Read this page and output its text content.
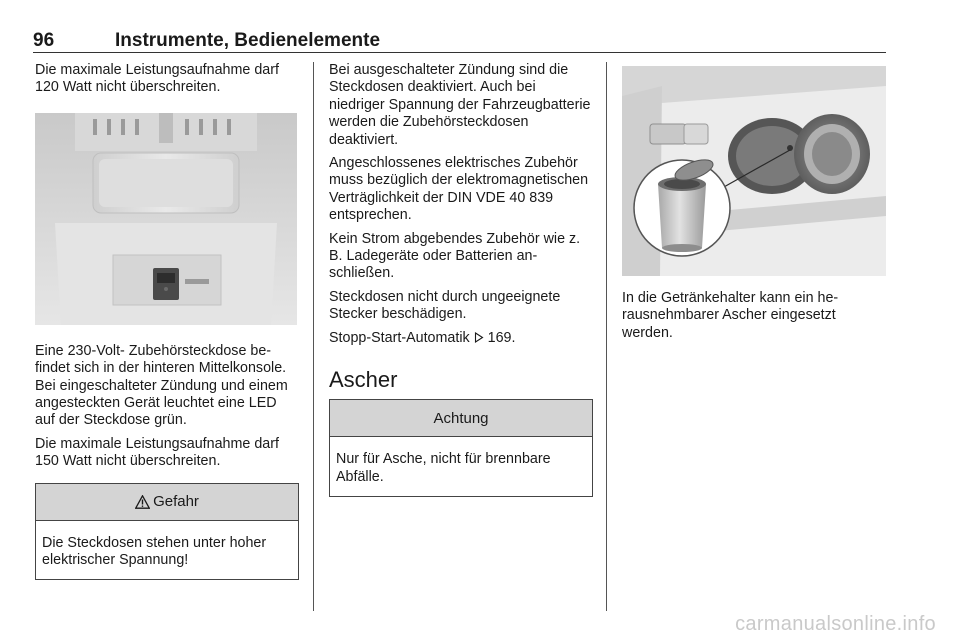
96	Instrumente, Bedienelemente

Die maximale Leistungsaufnahme darf 120 Watt nicht überschreiten.

Eine 230-Volt- Zubehörsteckdose befindet sich in der hinteren Mittelkonsole. Bei eingeschalteter Zündung und einem angesteckten Gerät leuchtet eine LED auf der Steckdose grün.

Die maximale Leistungsaufnahme darf 150 Watt nicht überschreiten.

Gefahr

Die Steckdosen stehen unter hoher elektrischer Spannung!

Bei ausgeschalteter Zündung sind die Steckdosen deaktiviert. Auch bei niedriger Spannung der Fahrzeugbatterie werden die Zubehörsteckdosen deaktiviert.

Angeschlossenes elektrisches Zubehör muss bezüglich der elektromagnetischen Verträglichkeit der DIN VDE 40 839 entsprechen.

Kein Strom abgebendes Zubehör wie z. B. Ladegeräte oder Batterien anschließen.

Steckdosen nicht durch ungeeignete Stecker beschädigen.

Stopp-Start-Automatik 169.

Ascher
Achtung

Nur für Asche, nicht für brennbare Abfälle.

In die Getränkehalter kann ein herausnehmbarer Ascher eingesetzt werden.

carmanualsonline.info
